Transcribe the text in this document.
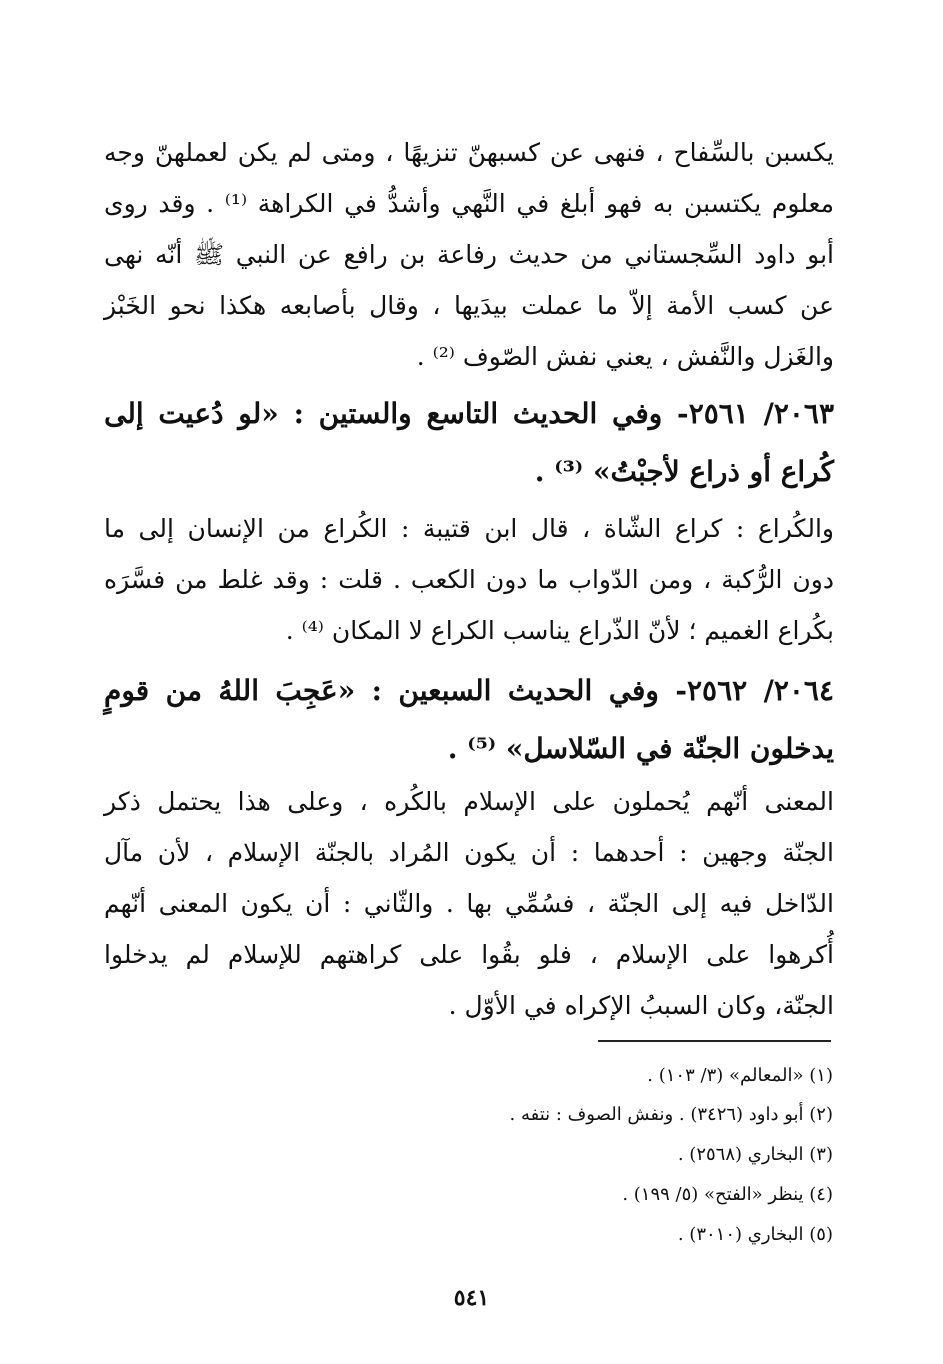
يكسبن بالسِّفاح ، فنهى عن كسبهنّ تنزيهًا ، ومتى لم يكن لعملهنّ وجه
معلوم يكتسبن به فهو أبلغ في النَّهي وأشدُّ في الكراهة ⁽¹⁾ . وقد روى
أبو داود السِّجستاني من حديث رفاعة بن رافع عن النبي ﷺ أنّه نهى
عن كسب الأمة إلاّ ما عملت بيدَيها ، وقال بأصابعه هكذا نحو الخَبْز
والغَزل والنَّفش ، يعني نفش الصّوف ⁽²⁾ .
٢٠٦٣/ ٢٥٦١- وفي الحديث التاسع والستين : «لو دُعيت إلى
كُراع أو ذراع لأجبْتُ» ⁽³⁾ .
والكُراع : كراع الشّاة ، قال ابن قتيبة : الكُراع من الإنسان إلى ما
دون الرُّكبة ، ومن الدّواب ما دون الكعب . قلت : وقد غلط من فسَّرَه
بكُراع الغميم ؛ لأنّ الذّراع يناسب الكراع لا المكان ⁽⁴⁾ .
٢٠٦٤/ ٢٥٦٢- وفي الحديث السبعين : «عَجِبَ اللهُ من قومٍ
يدخلون الجنّة في السّلاسل» ⁽⁵⁾ .
المعنى أنّهم يُحملون على الإسلام بالكُره ، وعلى هذا يحتمل ذكر
الجنّة وجهين : أحدهما : أن يكون المُراد بالجنّة الإسلام ، لأن مآل
الدّاخل فيه إلى الجنّة ، فسُمِّي بها . والثّاني : أن يكون المعنى أنّهم
أُكرهوا على الإسلام ، فلو بقُوا على كراهتهم للإسلام لم يدخلوا
الجنّة، وكان السببُ الإكراه في الأوّل .
(١) «المعالم» (٣/ ١٠٣) .
(٢) أبو داود (٣٤٢٦) . ونفش الصوف : نتفه .
(٣) البخاري (٢٥٦٨) .
(٤) ينظر «الفتح» (٥/ ١٩٩) .
(٥) البخاري (٣٠١٠) .
٥٤١
